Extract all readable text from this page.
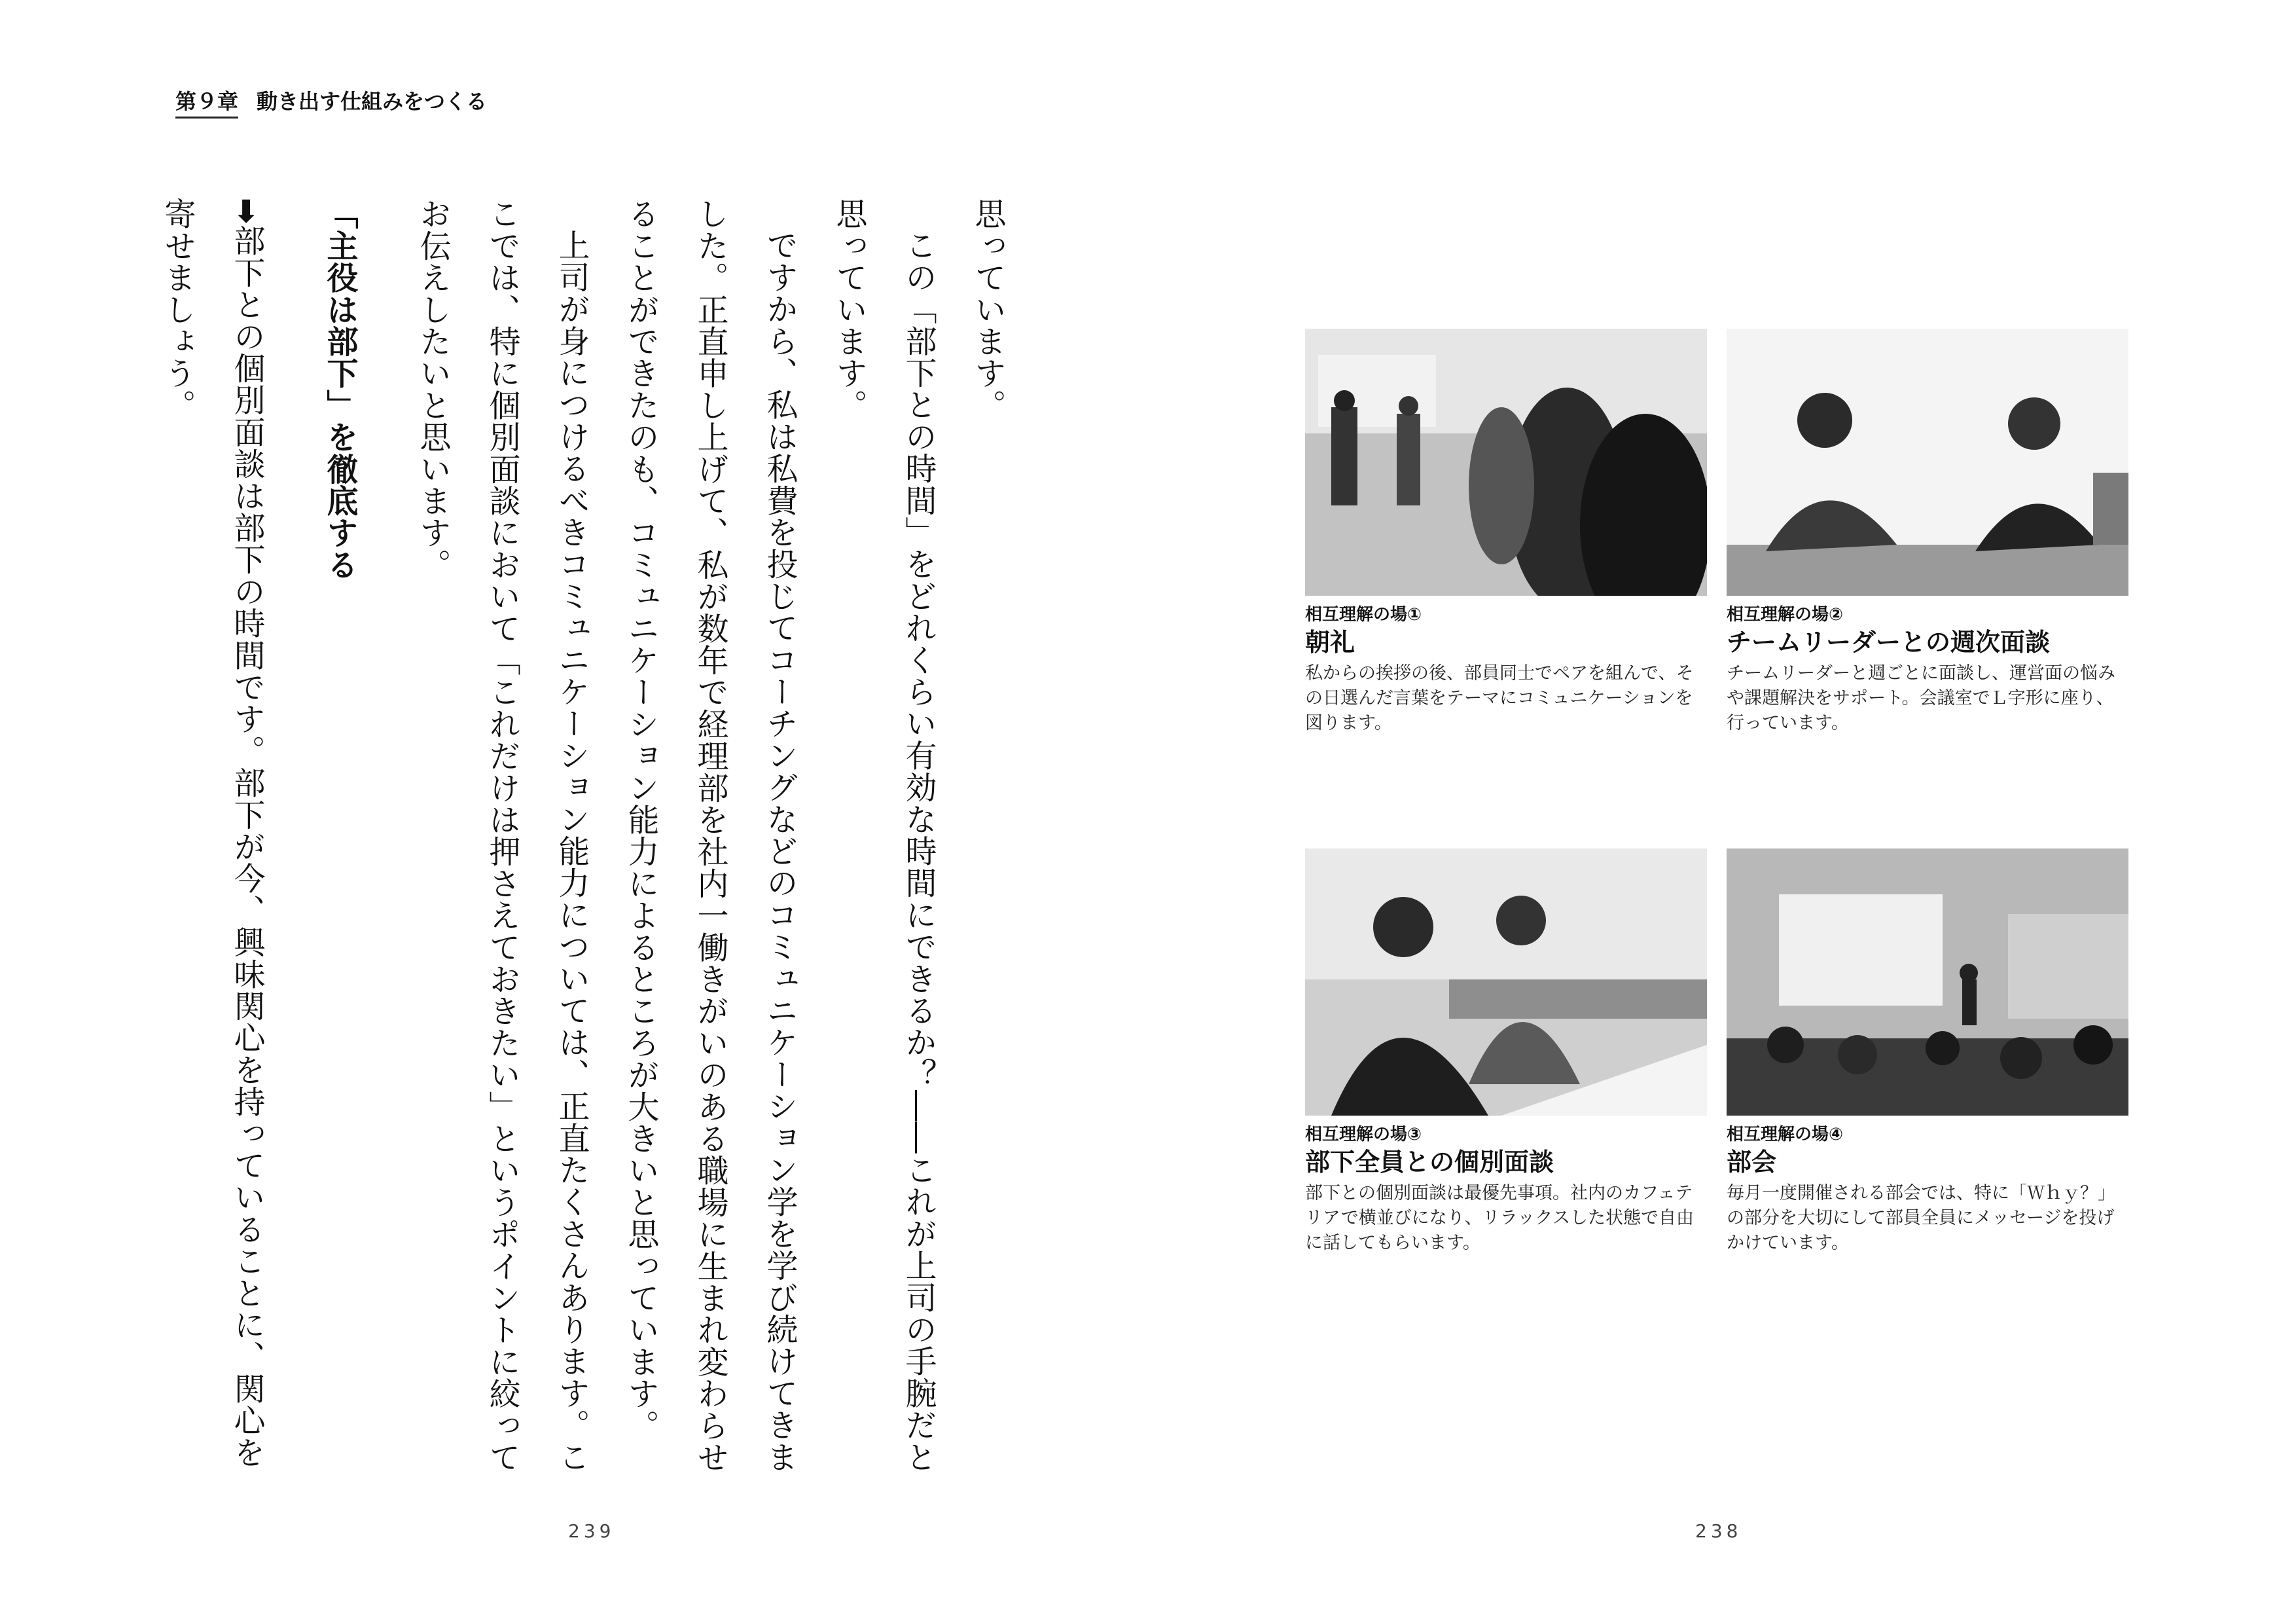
第９章 動き出す仕組みをつくる

思っています。

この「部下との時間」をどれくらい有効な時間にできるか？――これが上司の手腕だと思っています。

ですから、私は私費を投じてコーチングなどのコミュニケーション学を学び続けてきました。正直申し上げて、私が数年で経理部を社内一働きがいのある職場に生まれ変わらせることができたのも、コミュニケーション能力によるところが大きいと思っています。

上司が身につけるべきコミュニケーション能力については、正直たくさんあります。ここでは、特に個別面談において「これだけは押さえておきたい」というポイントに絞ってお伝えしたいと思います。

「主役は部下」を徹底する

➡部下との個別面談は部下の時間です。部下が今、興味関心を持っていることに、関心を寄せましょう。

239
相互理解の場①
朝礼
私からの挨拶の後、部員同士でペアを組んで、その日選んだ言葉をテーマにコミュニケーションを図ります。
相互理解の場②
チームリーダーとの週次面談
チームリーダーと週ごとに面談し、運営面の悩みや課題解決をサポート。会議室でＬ字形に座り、行っています。
相互理解の場③
部下全員との個別面談
部下との個別面談は最優先事項。社内のカフェテリアで横並びになり、リラックスした状態で自由に話してもらいます。
相互理解の場④
部会
毎月一度開催される部会では、特に「Ｗｈｙ？」の部分を大切にして部員全員にメッセージを投げかけています。
238
